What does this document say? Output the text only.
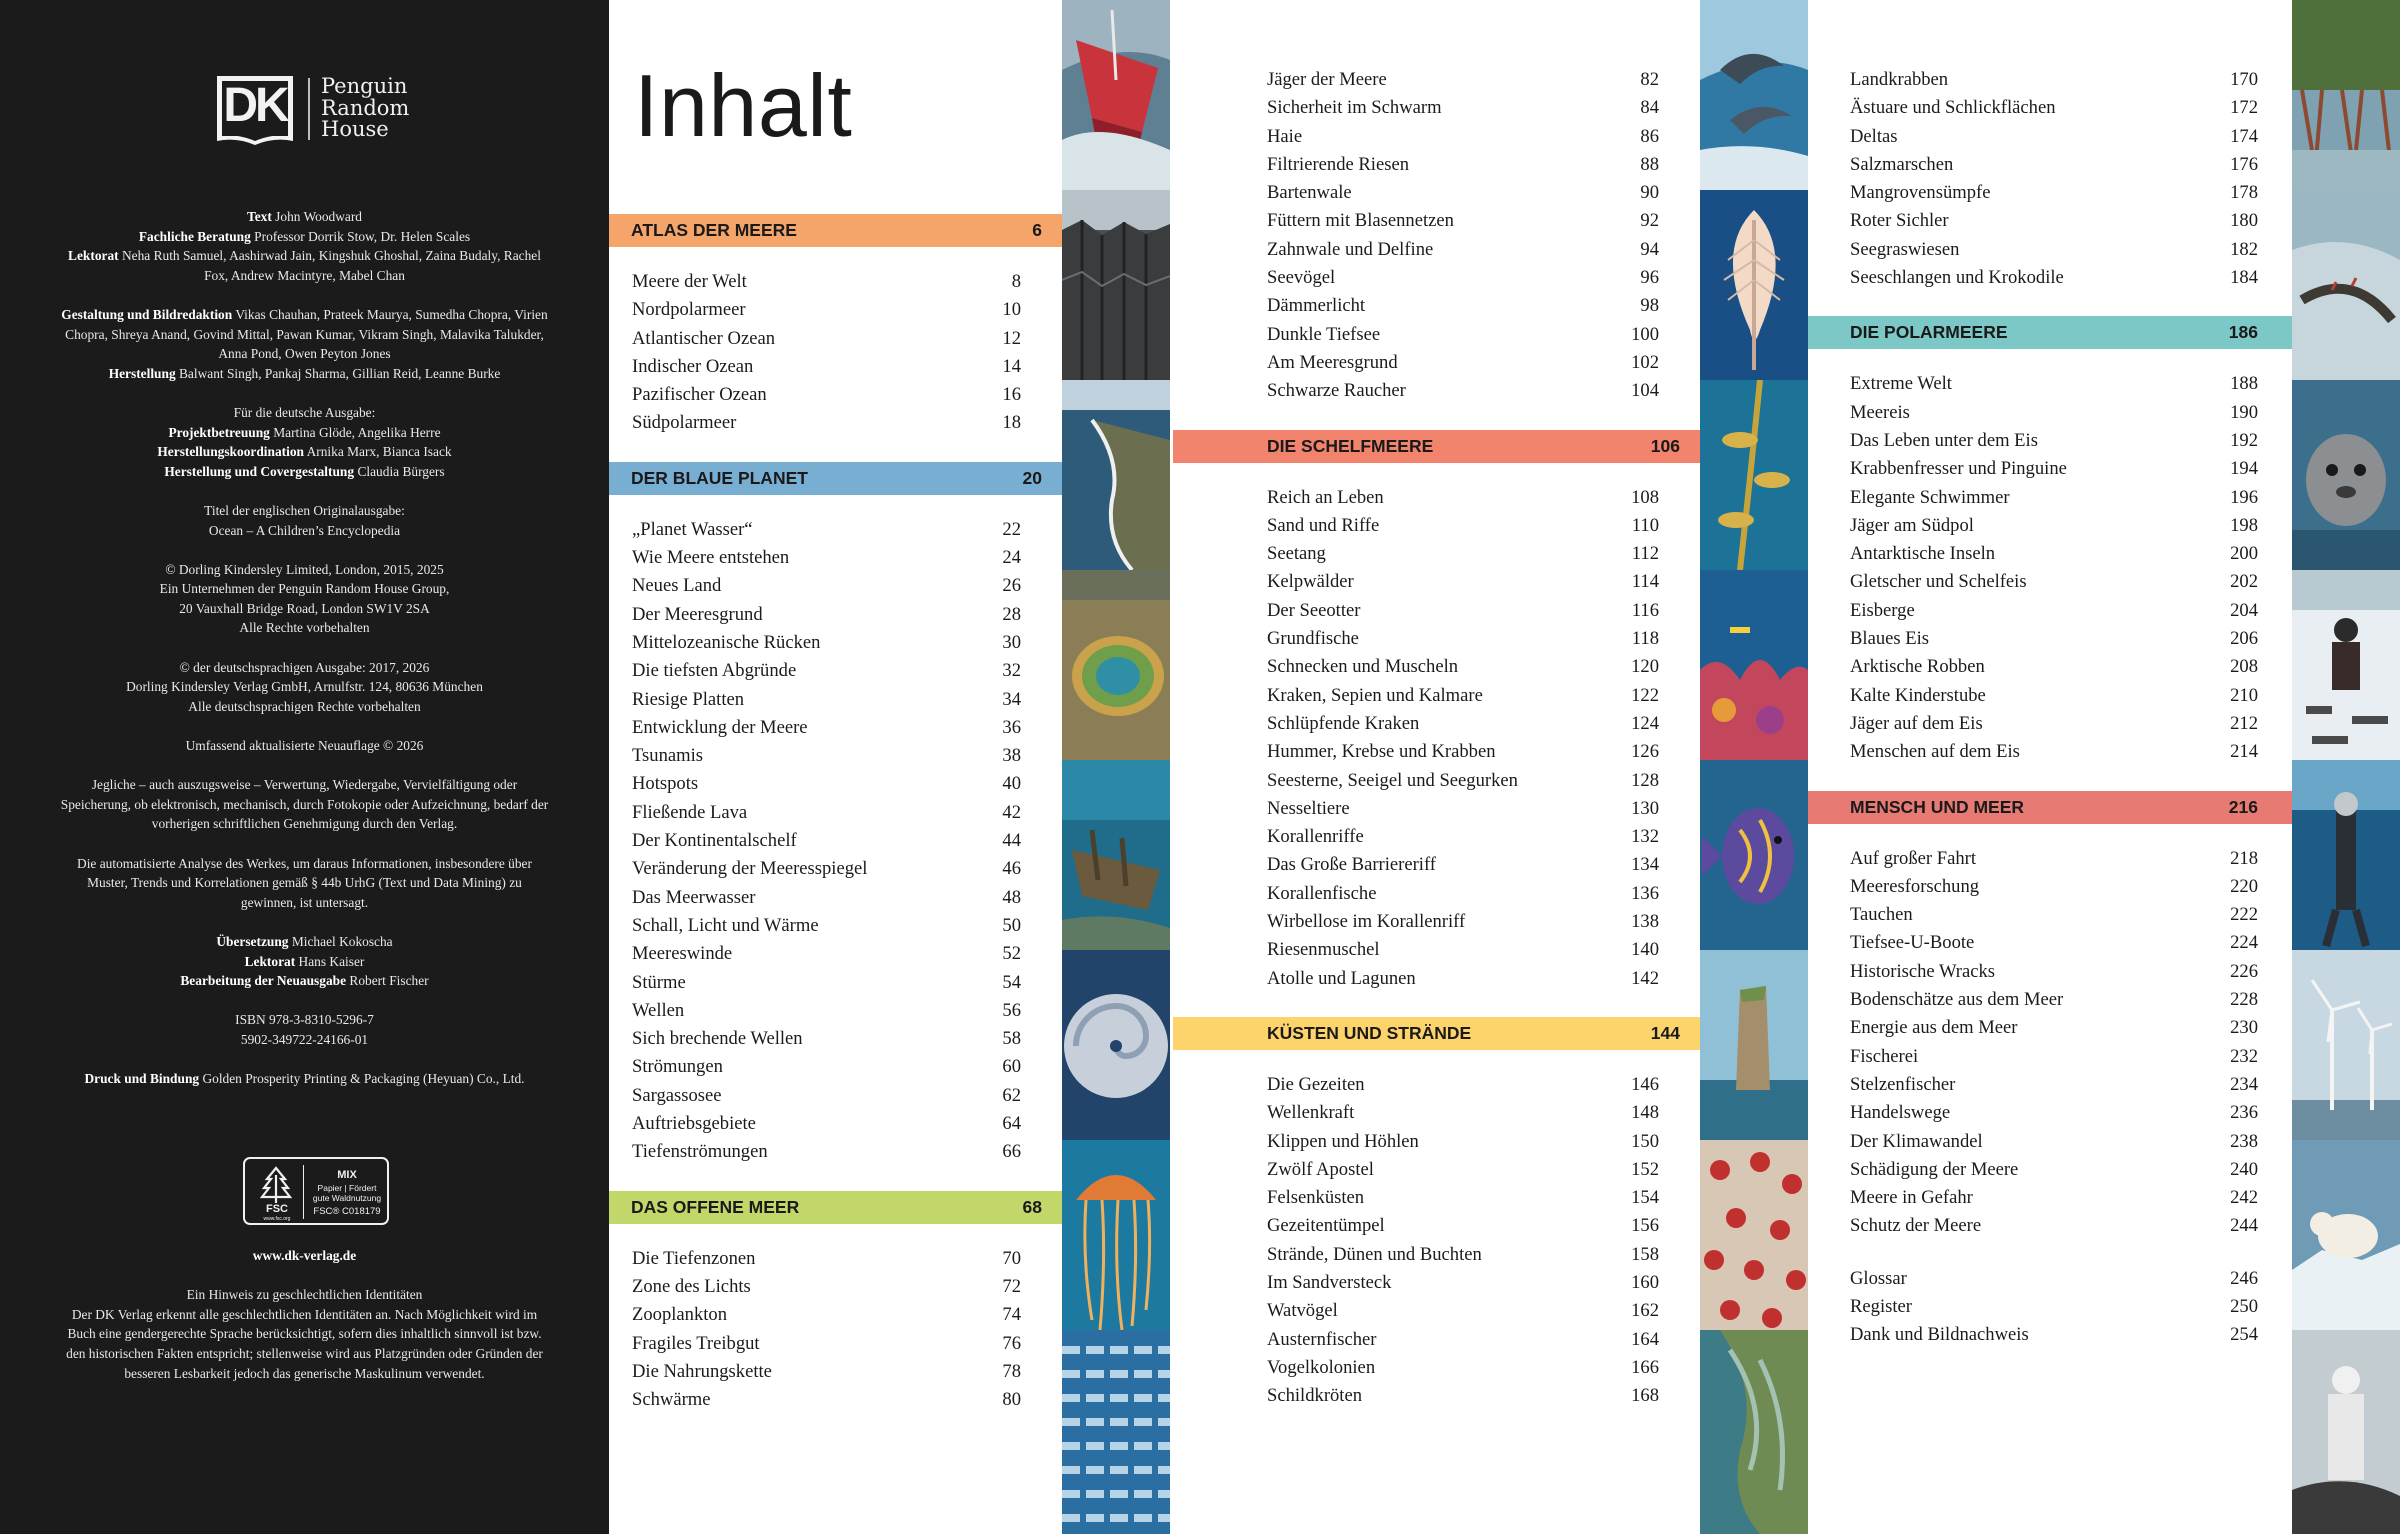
DK Penguin
Random
House

Text John Woodward
Fachliche Beratung Professor Dorrik Stow, Dr. Helen Scales
Lektorat Neha Ruth Samuel, Aashirwad Jain, Kingshuk Ghoshal, Zaina Budaly, Rachel Fox, Andrew Macintyre, Mabel Chan

Gestaltung und Bildredaktion Vikas Chauhan, Prateek Maurya, Sumedha Chopra, Virien Chopra, Shreya Anand, Govind Mittal, Pawan Kumar, Vikram Singh, Malavika Talukder, Anna Pond, Owen Peyton Jones
Herstellung Balwant Singh, Pankaj Sharma, Gillian Reid, Leanne Burke

Für die deutsche Ausgabe:
Projektbetreuung Martina Glöde, Angelika Herre
Herstellungskoordination Arnika Marx, Bianca Isack
Herstellung und Covergestaltung Claudia Bürgers

Titel der englischen Originalausgabe:
Ocean – A Children’s Encyclopedia

© Dorling Kindersley Limited, London, 2015, 2025
Ein Unternehmen der Penguin Random House Group,
20 Vauxhall Bridge Road, London SW1V 2SA
Alle Rechte vorbehalten

© der deutschsprachigen Ausgabe: 2017, 2026
Dorling Kindersley Verlag GmbH, Arnulfstr. 124, 80636 München
Alle deutschsprachigen Rechte vorbehalten

Umfassend aktualisierte Neuauflage © 2026

Jegliche – auch auszugsweise – Verwertung, Wiedergabe, Vervielfältigung oder Speicherung, ob elektronisch, mechanisch, durch Fotokopie oder Aufzeichnung, bedarf der vorherigen schriftlichen Genehmigung durch den Verlag.

Die automatisierte Analyse des Werkes, um daraus Informationen, insbesondere über Muster, Trends und Korrelationen gemäß § 44b UrhG (Text und Data Mining) zu gewinnen, ist untersagt.

Übersetzung Michael Kokoscha
Lektorat Hans Kaiser
Bearbeitung der Neuausgabe Robert Fischer

ISBN 978-3-8310-5296-7
5902-349722-24166-01

Druck und Bindung Golden Prosperity Printing & Packaging (Heyuan) Co., Ltd.

FSC
www.fsc.org
MIX
Papier | Fördert
gute Waldnutzung
FSC® C018179

www.dk-verlag.de

Ein Hinweis zu geschlechtlichen Identitäten
Der DK Verlag erkennt alle geschlechtlichen Identitäten an. Nach Möglichkeit wird im Buch eine gendergerechte Sprache berücksichtigt, sofern dies inhaltlich sinnvoll ist bzw. den historischen Fakten entspricht; stellenweise wird aus Platzgründen oder Gründen der besseren Lesbarkeit jedoch das generische Maskulinum verwendet.

Inhalt
ATLAS DER MEERE	6
Meere der Welt	8
Nordpolarmeer	10
Atlantischer Ozean	12
Indischer Ozean	14
Pazifischer Ozean	16
Südpolarmeer	18
DER BLAUE PLANET	20
„Planet Wasser“	22
Wie Meere entstehen	24
Neues Land	26
Der Meeresgrund	28
Mittelozeanische Rücken	30
Die tiefsten Abgründe	32
Riesige Platten	34
Entwicklung der Meere	36
Tsunamis	38
Hotspots	40
Fließende Lava	42
Der Kontinentalschelf	44
Veränderung der Meeresspiegel	46
Das Meerwasser	48
Schall, Licht und Wärme	50
Meereswinde	52
Stürme	54
Wellen	56
Sich brechende Wellen	58
Strömungen	60
Sargassosee	62
Auftriebsgebiete	64
Tiefenströmungen	66
DAS OFFENE MEER	68
Die Tiefenzonen	70
Zone des Lichts	72
Zooplankton	74
Fragiles Treibgut	76
Die Nahrungskette	78
Schwärme	80
Jäger der Meere	82
Sicherheit im Schwarm	84
Haie	86
Filtrierende Riesen	88
Bartenwale	90
Füttern mit Blasennetzen	92
Zahnwale und Delfine	94
Seevögel	96
Dämmerlicht	98
Dunkle Tiefsee	100
Am Meeresgrund	102
Schwarze Raucher	104
DIE SCHELFMEERE	106
Reich an Leben	108
Sand und Riffe	110
Seetang	112
Kelpwälder	114
Der Seeotter	116
Grundfische	118
Schnecken und Muscheln	120
Kraken, Sepien und Kalmare	122
Schlüpfende Kraken	124
Hummer, Krebse und Krabben	126
Seesterne, Seeigel und Seegurken	128
Nesseltiere	130
Korallenriffe	132
Das Große Barriereriff	134
Korallenfische	136
Wirbellose im Korallenriff	138
Riesenmuschel	140
Atolle und Lagunen	142
KÜSTEN UND STRÄNDE	144
Die Gezeiten	146
Wellenkraft	148
Klippen und Höhlen	150
Zwölf Apostel	152
Felsenküsten	154
Gezeitentümpel	156
Strände, Dünen und Buchten	158
Im Sandversteck	160
Watvögel	162
Austernfischer	164
Vogelkolonien	166
Schildkröten	168
Landkrabben	170
Ästuare und Schlickflächen	172
Deltas	174
Salzmarschen	176
Mangrovensümpfe	178
Roter Sichler	180
Seegraswiesen	182
Seeschlangen und Krokodile	184
DIE POLARMEERE	186
Extreme Welt	188
Meereis	190
Das Leben unter dem Eis	192
Krabbenfresser und Pinguine	194
Elegante Schwimmer	196
Jäger am Südpol	198
Antarktische Inseln	200
Gletscher und Schelfeis	202
Eisberge	204
Blaues Eis	206
Arktische Robben	208
Kalte Kinderstube	210
Jäger auf dem Eis	212
Menschen auf dem Eis	214
MENSCH UND MEER	216
Auf großer Fahrt	218
Meeresforschung	220
Tauchen	222
Tiefsee-U-Boote	224
Historische Wracks	226
Bodenschätze aus dem Meer	228
Energie aus dem Meer	230
Fischerei	232
Stelzenfischer	234
Handelswege	236
Der Klimawandel	238
Schädigung der Meere	240
Meere in Gefahr	242
Schutz der Meere	244
Glossar	246
Register	250
Dank und Bildnachweis	254
